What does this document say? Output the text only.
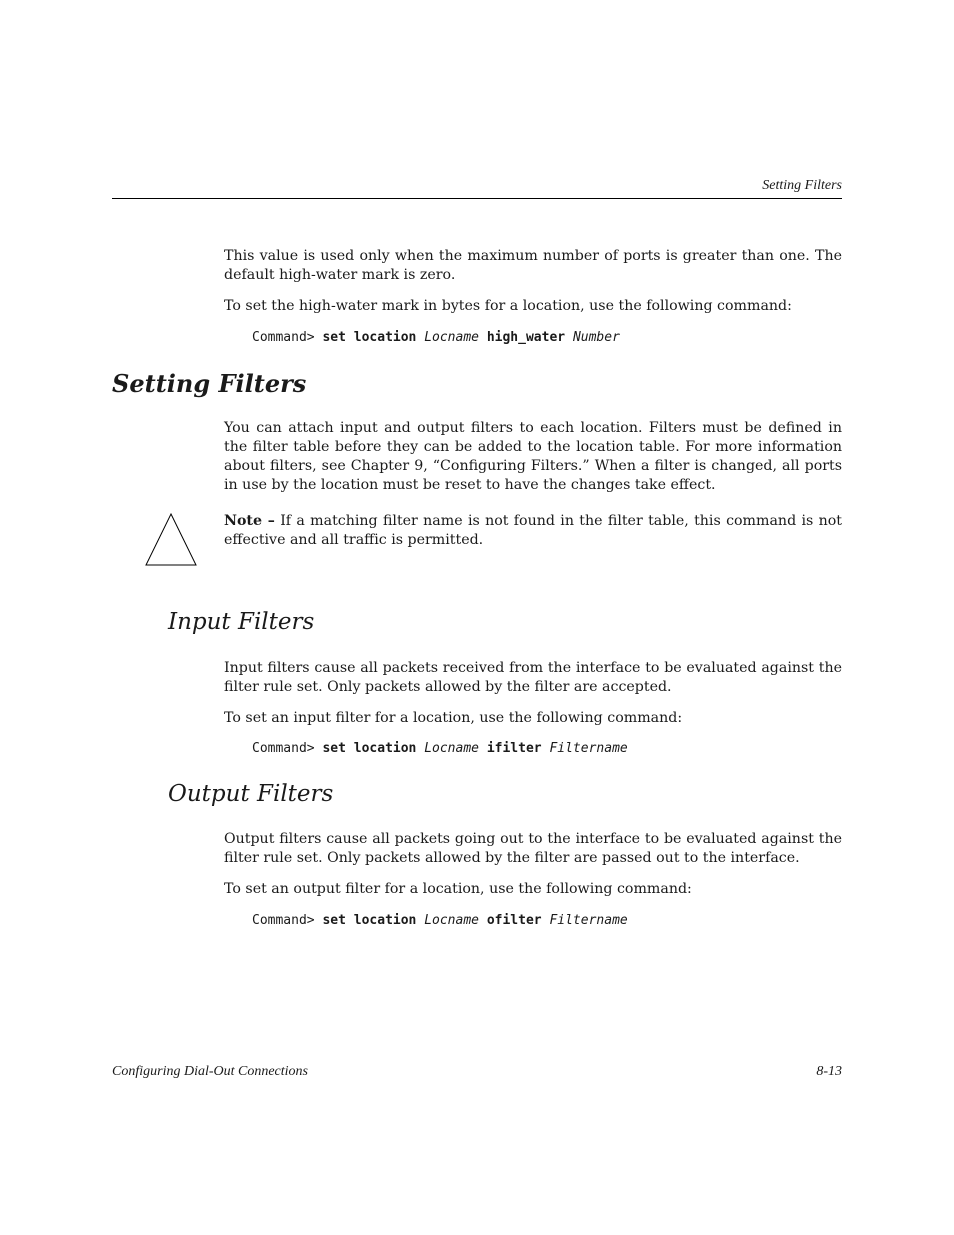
Setting Filters
This value is used only when the maximum number of ports is greater than one. The default high-water mark is zero.
To set the high-water mark in bytes for a location, use the following command:
Command> set location Locname high_water Number
Setting Filters
You can attach input and output filters to each location. Filters must be defined in the filter table before they can be added to the location table. For more information about filters, see Chapter 9, “Configuring Filters.” When a filter is changed, all ports in use by the location must be reset to have the changes take effect.
Note – If a matching filter name is not found in the filter table, this command is not effective and all traffic is permitted.
Input Filters
Input filters cause all packets received from the interface to be evaluated against the filter rule set. Only packets allowed by the filter are accepted.
To set an input filter for a location, use the following command:
Command> set location Locname ifilter Filtername
Output Filters
Output filters cause all packets going out to the interface to be evaluated against the filter rule set. Only packets allowed by the filter are passed out to the interface.
To set an output filter for a location, use the following command:
Command> set location Locname ofilter Filtername
Configuring Dial-Out Connections	8-13
